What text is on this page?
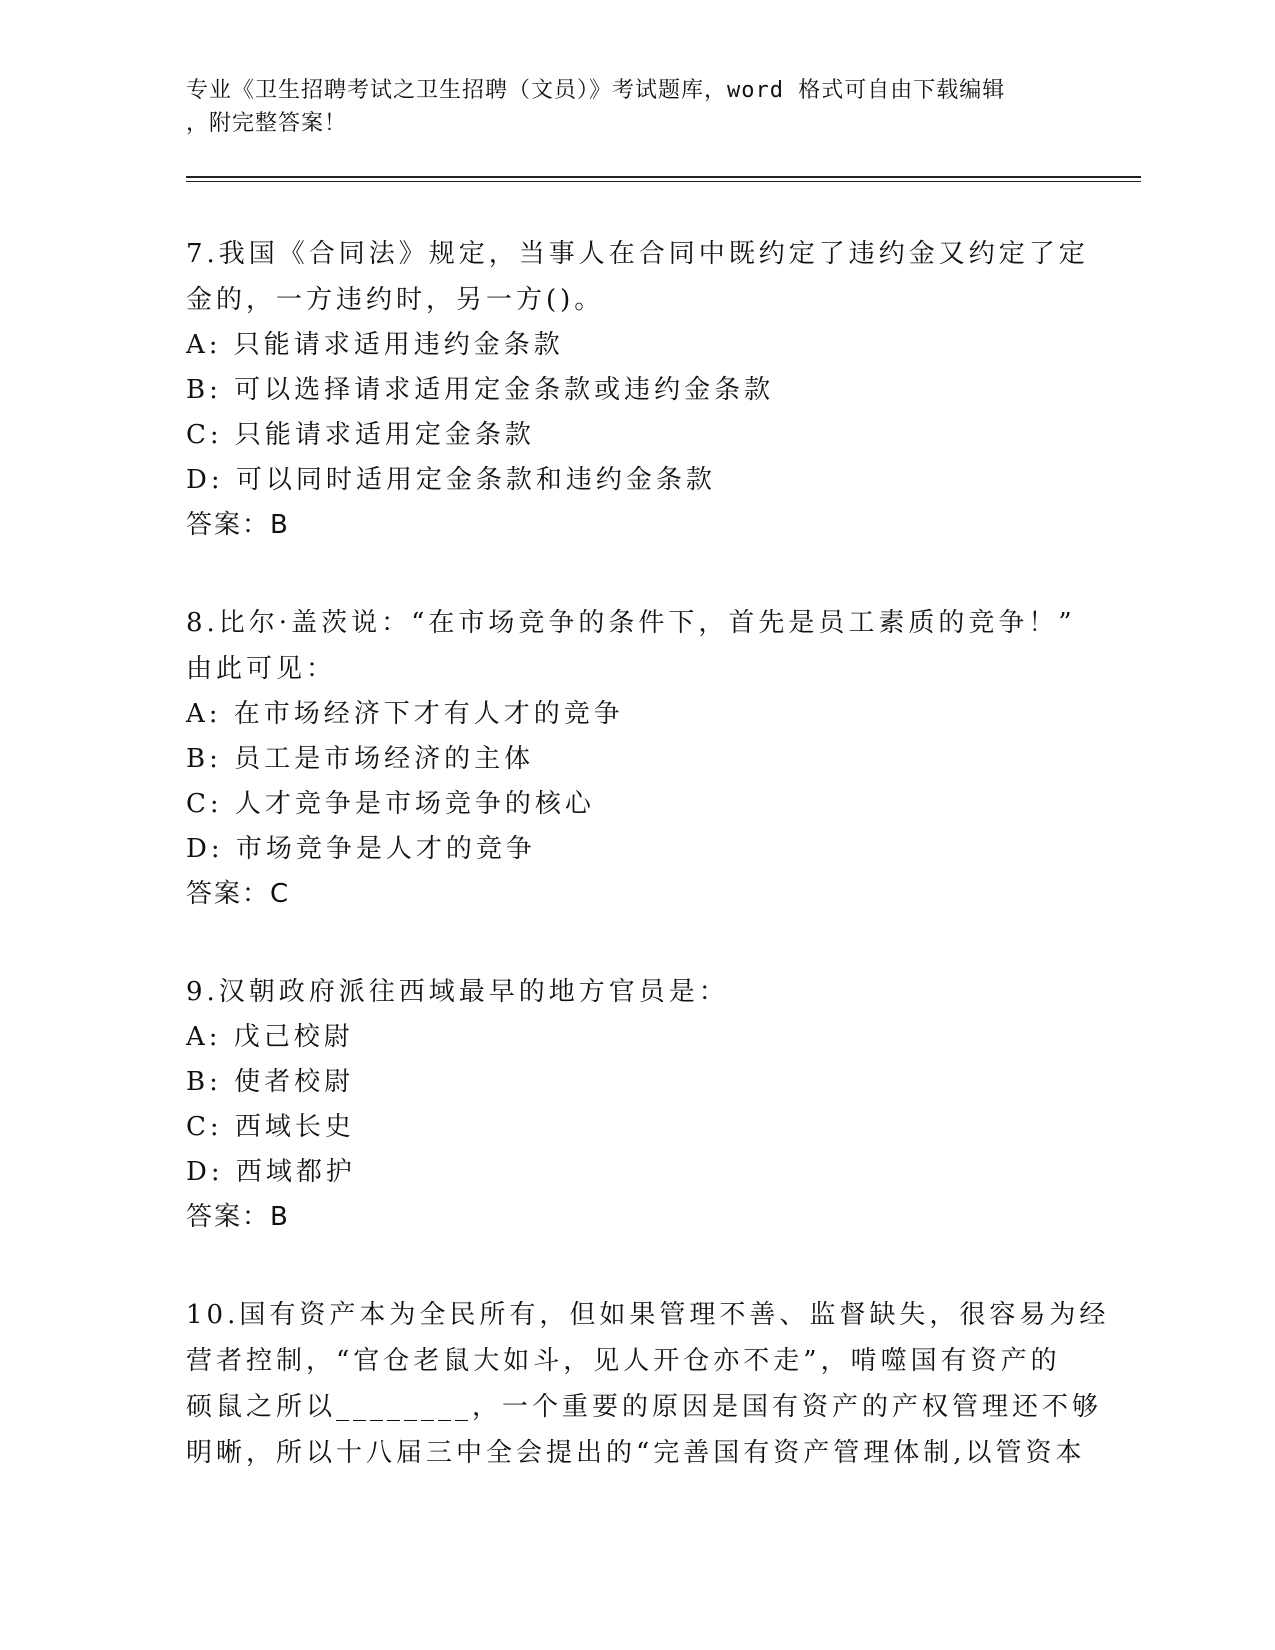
专业《卫生招聘考试之卫生招聘（文员）》考试题库，word 格式可自由下载编辑
，附完整答案！
7.我国《合同法》规定，当事人在合同中既约定了违约金又约定了定
金的，一方违约时，另一方()。
A: 只能请求适用违约金条款
B: 可以选择请求适用定金条款或违约金条款
C: 只能请求适用定金条款
D: 可以同时适用定金条款和违约金条款
答案：B
8.比尔·盖茨说：“在市场竞争的条件下，首先是员工素质的竞争！”
由此可见：
A: 在市场经济下才有人才的竞争
B: 员工是市场经济的主体
C: 人才竞争是市场竞争的核心
D: 市场竞争是人才的竞争
答案：C
9.汉朝政府派往西域最早的地方官员是：
A: 戊己校尉
B: 使者校尉
C: 西域长史
D: 西域都护
答案：B
10.国有资产本为全民所有，但如果管理不善、监督缺失，很容易为经
营者控制，“官仓老鼠大如斗，见人开仓亦不走”，啃噬国有资产的
硕鼠之所以________，一个重要的原因是国有资产的产权管理还不够
明晰，所以十八届三中全会提出的“完善国有资产管理体制,以管资本
